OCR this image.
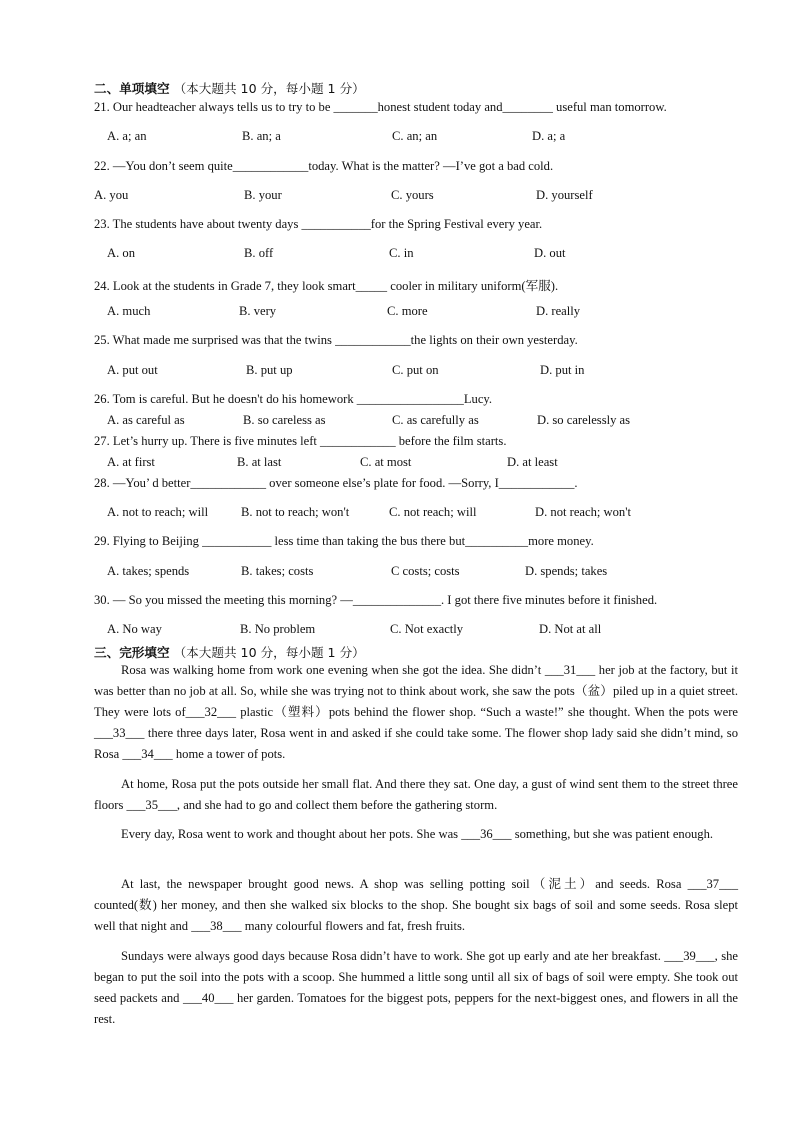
二、单项填空 （本大题共 10 分，每小题 1 分）
21. Our headteacher always tells us to try to be _______honest student today and________ useful man tomorrow.
A. a; an	B. an; a	C. an; an	D. a; a
22. —You don’t seem quite____________today. What is the matter? —I’ve got a bad cold.
A. you	B. your	C. yours	D. yourself
23. The students have about twenty days ___________for the Spring Festival every year.
A. on	B. off	C. in	D. out
24. Look at the students in Grade 7, they look smart_____ cooler in military uniform(军服).
A. much	B. very	C. more	D. really
25. What made me surprised was that the twins ____________the lights on their own yesterday.
A. put out	B. put up	C. put on	D. put in
26. Tom is careful. But he doesn't do his homework _________________Lucy.
A. as careful as	B. so careless as	C. as carefully as	D. so carelessly as
27. Let’s hurry up. There is five minutes left ____________ before the film starts.
A. at first	B. at last	C. at most	D. at least
28. —You’ d better____________ over someone else’s plate for food. —Sorry, I____________.
A. not to reach; will	B. not to reach; won't	C. not reach; will	D. not reach; won't
29. Flying to Beijing ___________ less time than taking the bus there but__________more money.
A. takes; spends	B. takes; costs	C costs; costs	D. spends; takes
30. — So you missed the meeting this morning? —______________. I got there five minutes before it finished.
A. No way	B. No problem	C. Not exactly	D. Not at all
三、完形填空 （本大题共 10 分，每小题 1 分）

Rosa was walking home from work one evening when she got the idea. She didn’t ___31___ her job at the factory, but it was better than no job at all. So, while she was trying not to think about work, she saw the pots（盆）piled up in a quiet street. They were lots of___32___ plastic（塑料）pots behind the flower shop. “Such a waste!” she thought. When the pots were ___33___ there three days later, Rosa went in and asked if she could take some. The flower shop lady said she didn’t mind, so Rosa ___34___ home a tower of pots.

At home, Rosa put the pots outside her small flat. And there they sat. One day, a gust of wind sent them to the street three floors ___35___, and she had to go and collect them before the gathering storm.

Every day, Rosa went to work and thought about her pots. She was ___36___ something, but she was patient enough.

At last, the newspaper brought good news. A shop was selling potting soil（泥土）and seeds. Rosa ___37___ counted(数) her money, and then she walked six blocks to the shop. She bought six bags of soil and some seeds. Rosa slept well that night and ___38___ many colourful flowers and fat, fresh fruits.

Sundays were always good days because Rosa didn’t have to work. She got up early and ate her breakfast. ___39___, she began to put the soil into the pots with a scoop. She hummed a little song until all six of bags of soil were empty. She took out seed packets and ___40___ her garden. Tomatoes for the biggest pots, peppers for the next-biggest ones, and flowers in all the rest.
